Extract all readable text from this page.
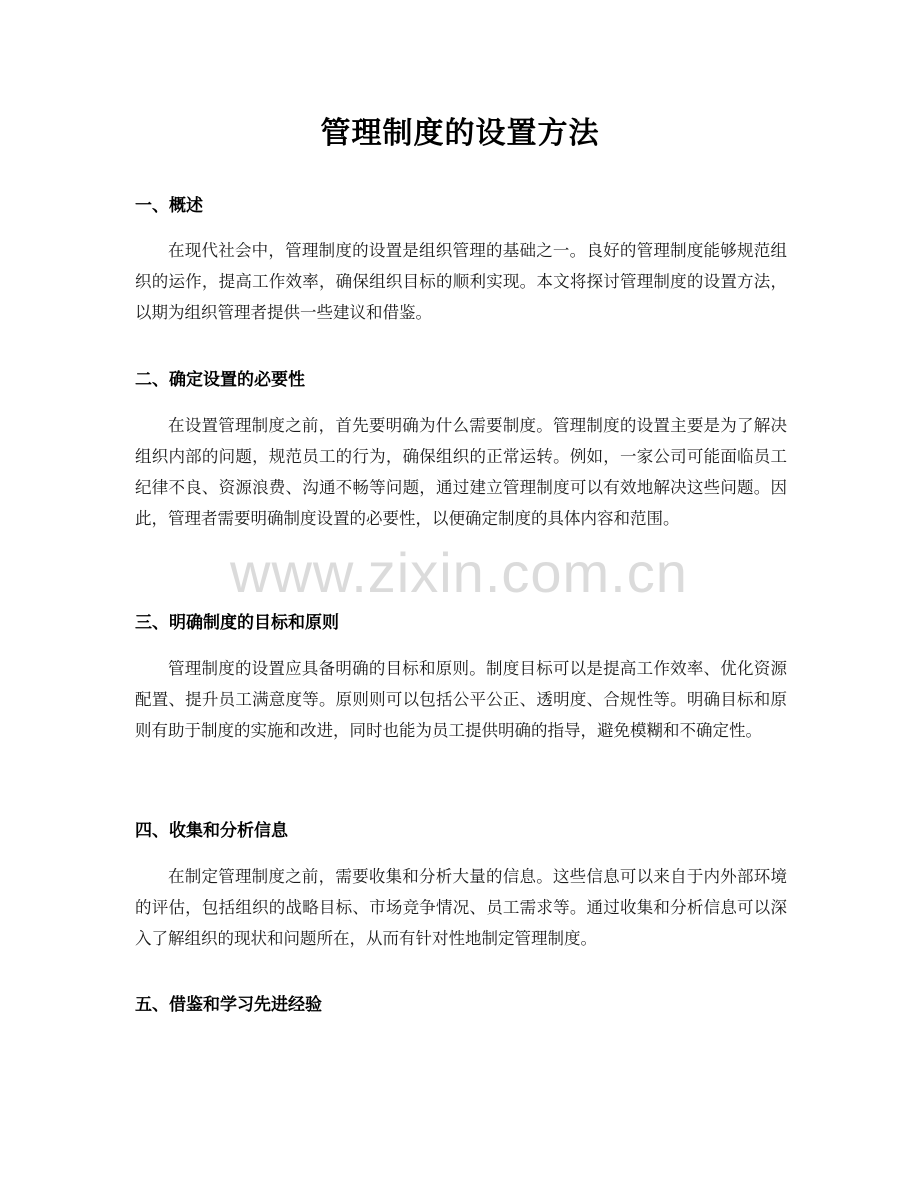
管理制度的设置方法
一、概述
在现代社会中，管理制度的设置是组织管理的基础之一。良好的管理制度能够规范组织的运作，提高工作效率，确保组织目标的顺利实现。本文将探讨管理制度的设置方法，以期为组织管理者提供一些建议和借鉴。
二、确定设置的必要性
在设置管理制度之前，首先要明确为什么需要制度。管理制度的设置主要是为了解决组织内部的问题，规范员工的行为，确保组织的正常运转。例如，一家公司可能面临员工纪律不良、资源浪费、沟通不畅等问题，通过建立管理制度可以有效地解决这些问题。因此，管理者需要明确制度设置的必要性，以便确定制度的具体内容和范围。
三、明确制度的目标和原则
管理制度的设置应具备明确的目标和原则。制度目标可以是提高工作效率、优化资源配置、提升员工满意度等。原则则可以包括公平公正、透明度、合规性等。明确目标和原则有助于制度的实施和改进，同时也能为员工提供明确的指导，避免模糊和不确定性。
四、收集和分析信息
在制定管理制度之前，需要收集和分析大量的信息。这些信息可以来自于内外部环境的评估，包括组织的战略目标、市场竞争情况、员工需求等。通过收集和分析信息可以深入了解组织的现状和问题所在，从而有针对性地制定管理制度。
五、借鉴和学习先进经验
www.zixin.com.cn
